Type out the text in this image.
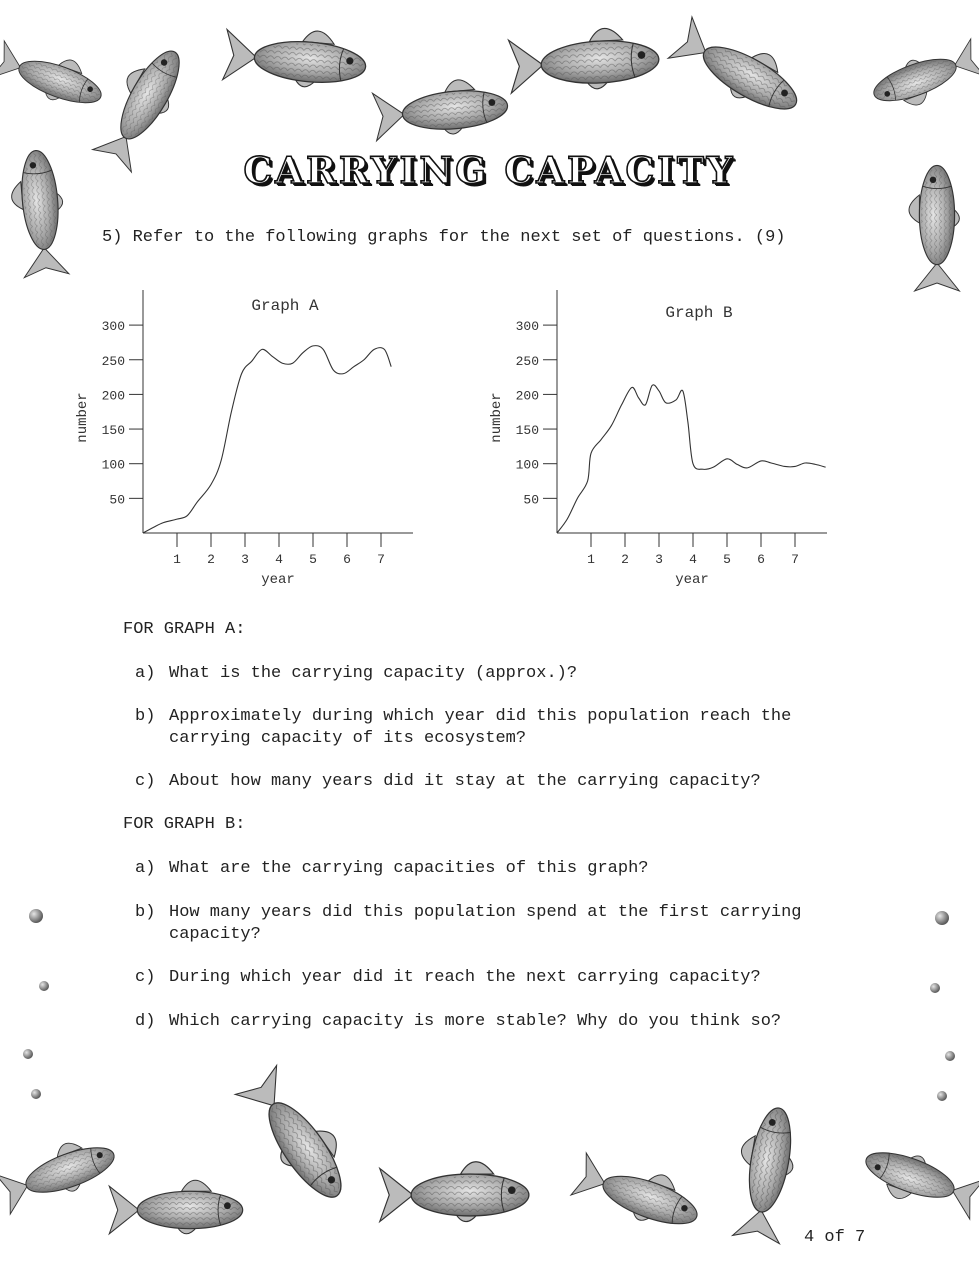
CARRYING CAPACITY
5) Refer to the following graphs for the next set of questions. (9)
300
250
200
150
100
50
1 2 3 4 5 6 7
Graph A
year
number
300
250
200
150
100
50
1 2 3 4 5 6 7
Graph B
year
number
FOR GRAPH A:
a) What is the carrying capacity (approx.)?
b) Approximately during which year did this population reach the
carrying capacity of its ecosystem?
c) About how many years did it stay at the carrying capacity?
FOR GRAPH B:
a) What are the carrying capacities of this graph?
b) How many years did this population spend at the first carrying
capacity?
c) During which year did it reach the next carrying capacity?
d) Which carrying capacity is more stable? Why do you think so?
4 of 7
